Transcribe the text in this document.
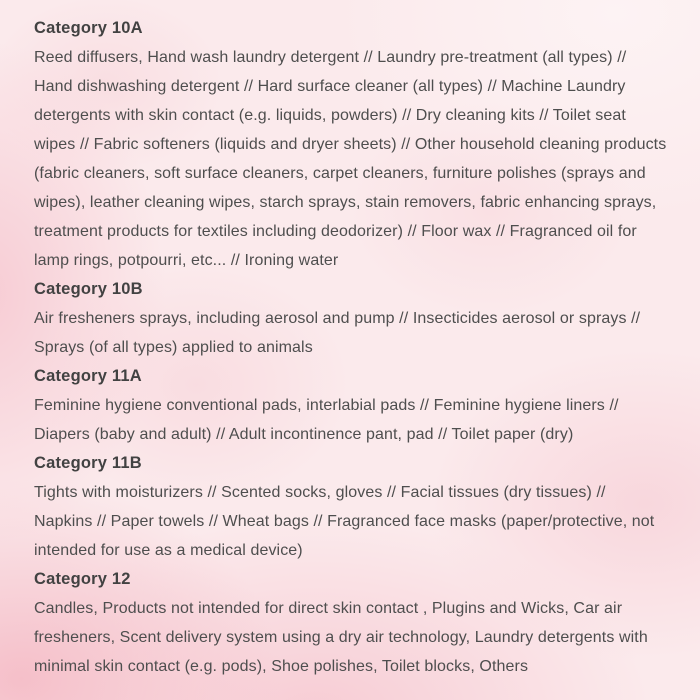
Category 10A

Reed diffusers, Hand wash laundry detergent // Laundry pre-treatment (all types) // Hand dishwashing detergent // Hard surface cleaner (all types) // Machine Laundry detergents with skin contact (e.g. liquids, powders) // Dry cleaning kits // Toilet seat wipes // Fabric softeners (liquids and dryer sheets) // Other household cleaning products (fabric cleaners, soft surface cleaners, carpet cleaners, furniture polishes (sprays and wipes), leather cleaning wipes, starch sprays, stain removers, fabric enhancing sprays, treatment products for textiles including deodorizer) // Floor wax // Fragranced oil for lamp rings, potpourri, etc... // Ironing water

Category 10B

Air fresheners sprays, including aerosol and pump // Insecticides aerosol or sprays // Sprays (of all types) applied to animals

Category 11A

Feminine hygiene conventional pads, interlabial pads // Feminine hygiene liners // Diapers (baby and adult) // Adult incontinence pant, pad // Toilet paper (dry)

Category 11B

Tights with moisturizers // Scented socks, gloves // Facial tissues (dry tissues) // Napkins // Paper towels // Wheat bags // Fragranced face masks (paper/protective, not intended for use as a medical device)

Category 12

Candles, Products not intended for direct skin contact , Plugins and Wicks, Car air fresheners, Scent delivery system using a dry air technology, Laundry detergents with minimal skin contact (e.g. pods), Shoe polishes, Toilet blocks, Others
